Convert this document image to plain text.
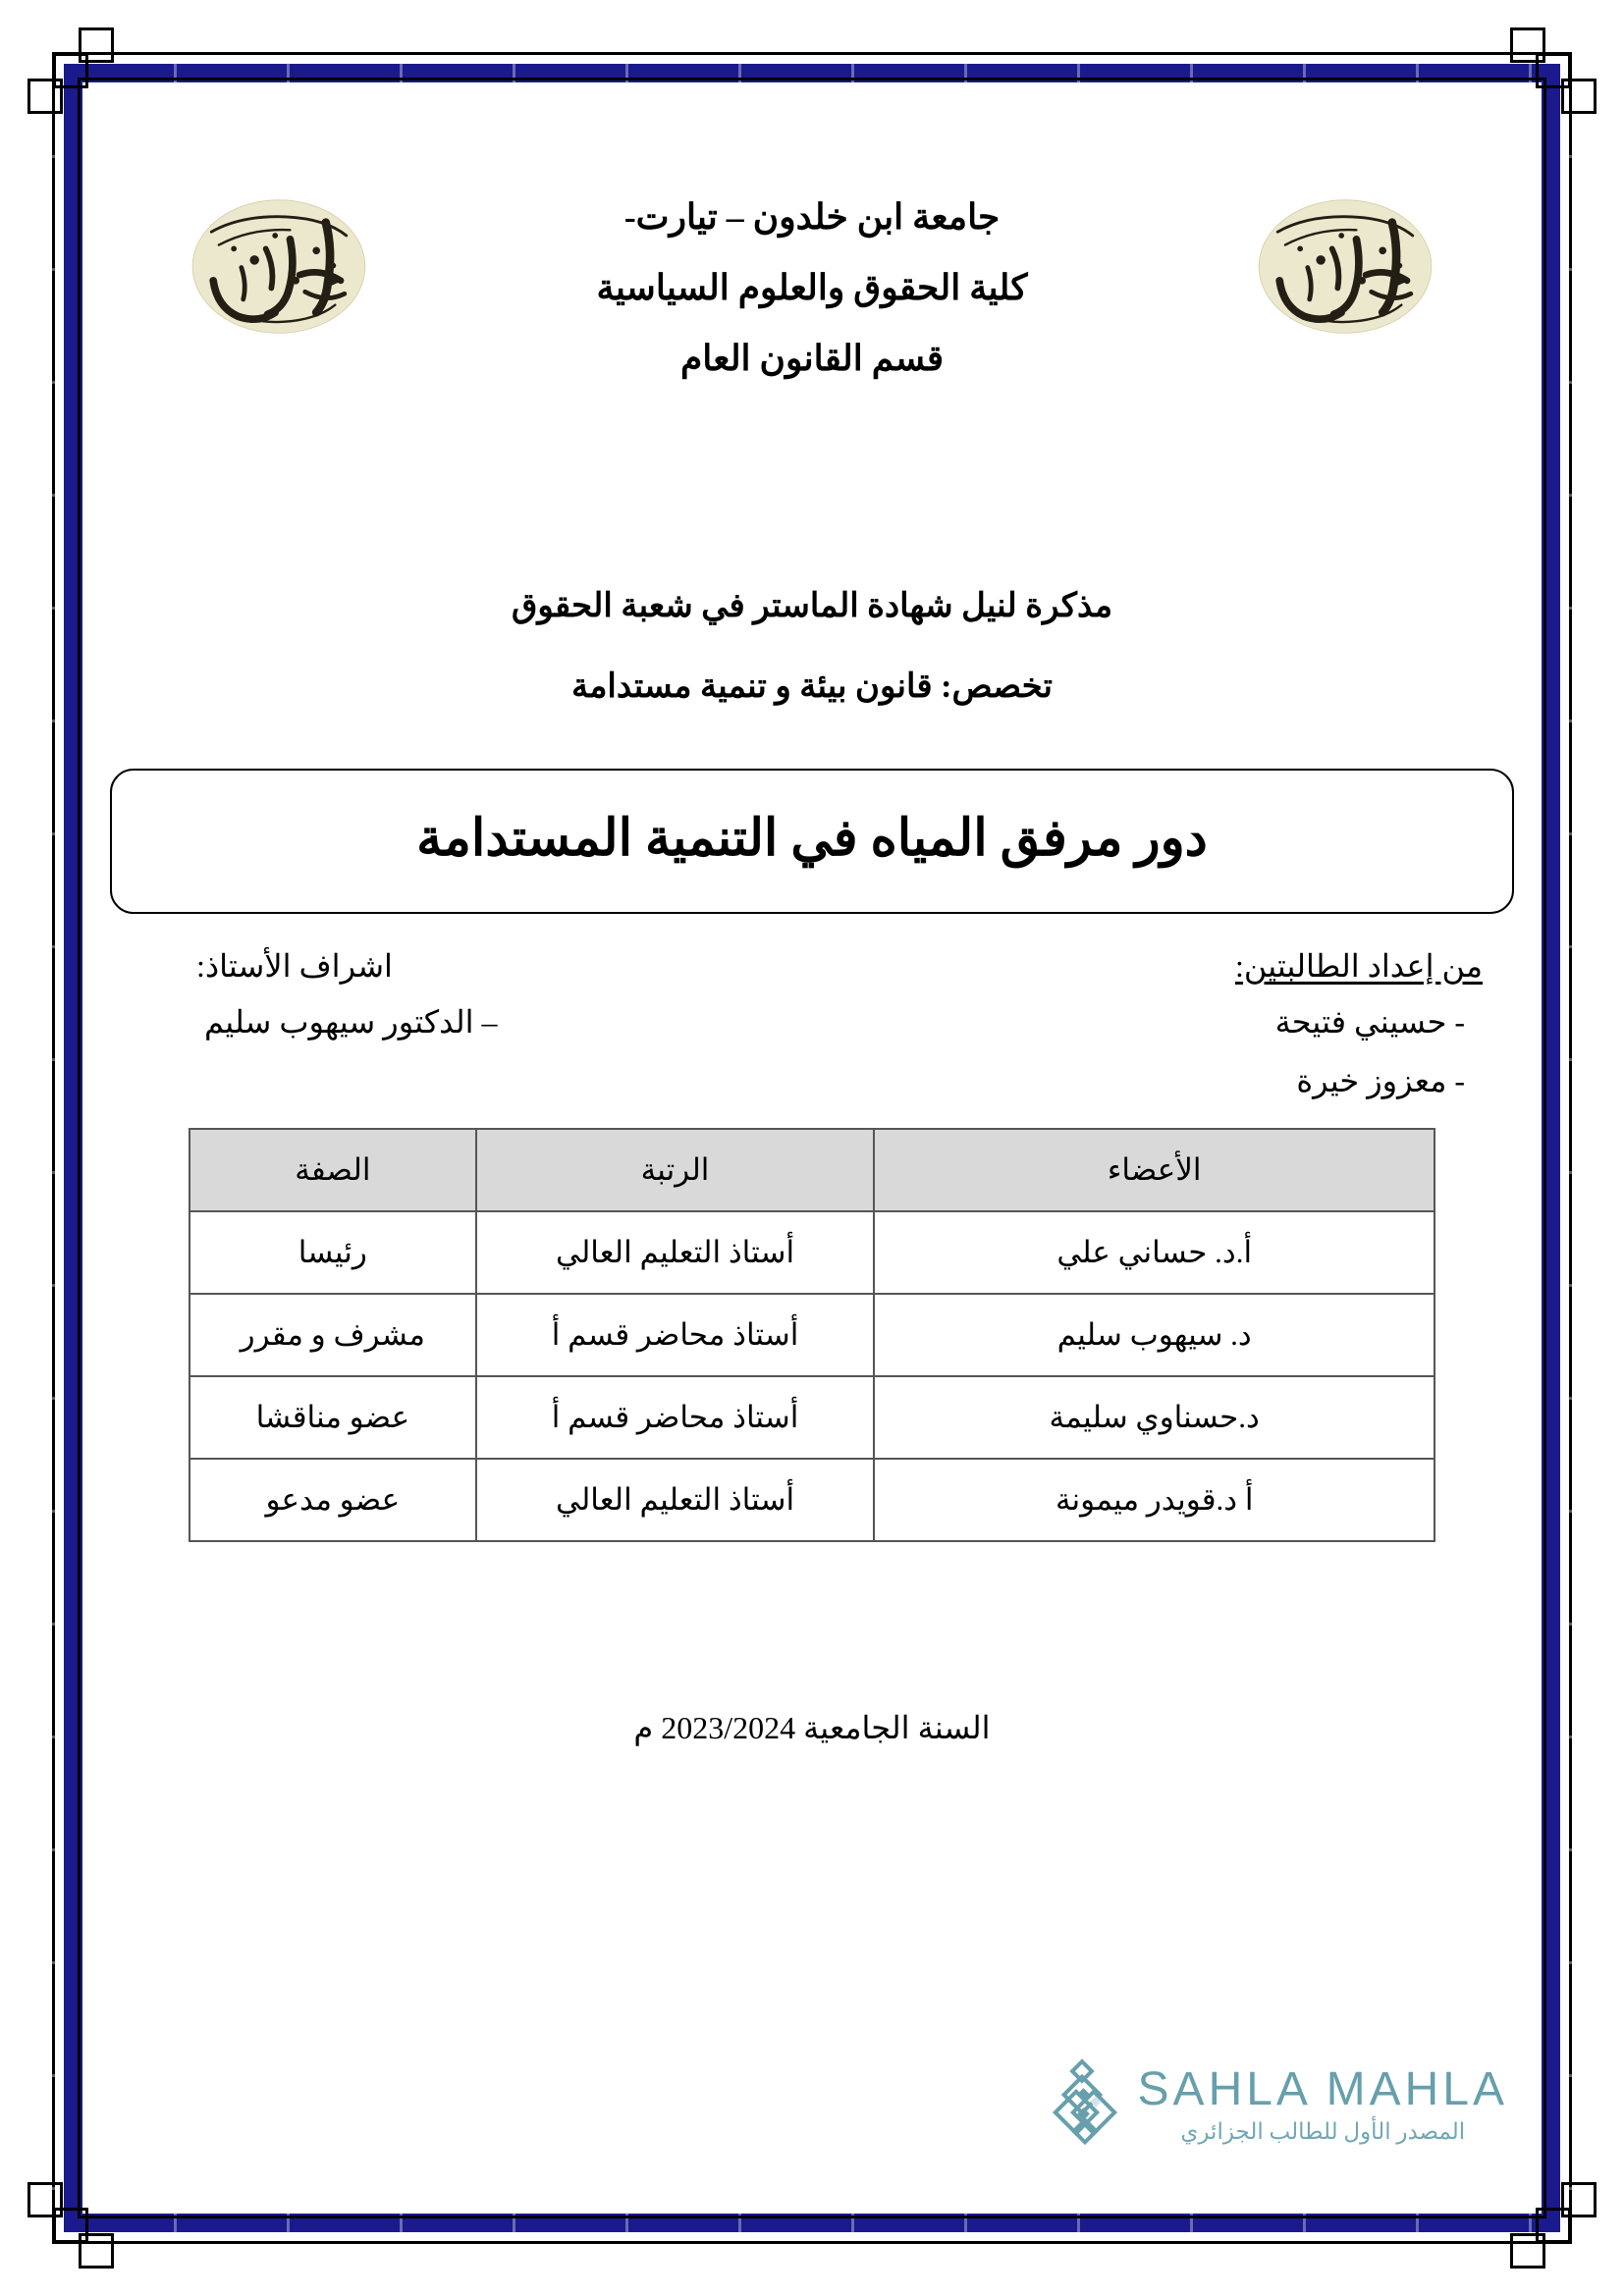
جامعة ابن خلدون – تيارت-
كلية الحقوق والعلوم السياسية
قسم القانون العام
مذكرة لنيل شهادة الماستر في شعبة الحقوق
تخصص: قانون بيئة و تنمية مستدامة
دور مرفق المياه في التنمية المستدامة
من إعداد الطالبتين:
- حسيني فتيحة
- معزوز خيرة
اشراف الأستاذ:
– الدكتور سيهوب سليم
الأعضاء	الرتبة	الصفة
أ.د. حساني علي	أستاذ التعليم العالي	رئيسا
د. سيهوب سليم	أستاذ محاضر قسم أ	مشرف و مقرر
د.حسناوي سليمة	أستاذ محاضر قسم أ	عضو مناقشا
أ د.قويدر ميمونة	أستاذ التعليم العالي	عضو مدعو
السنة الجامعية 2023/2024 م
SAHLA MAHLA
المصدر الأول للطالب الجزائري
